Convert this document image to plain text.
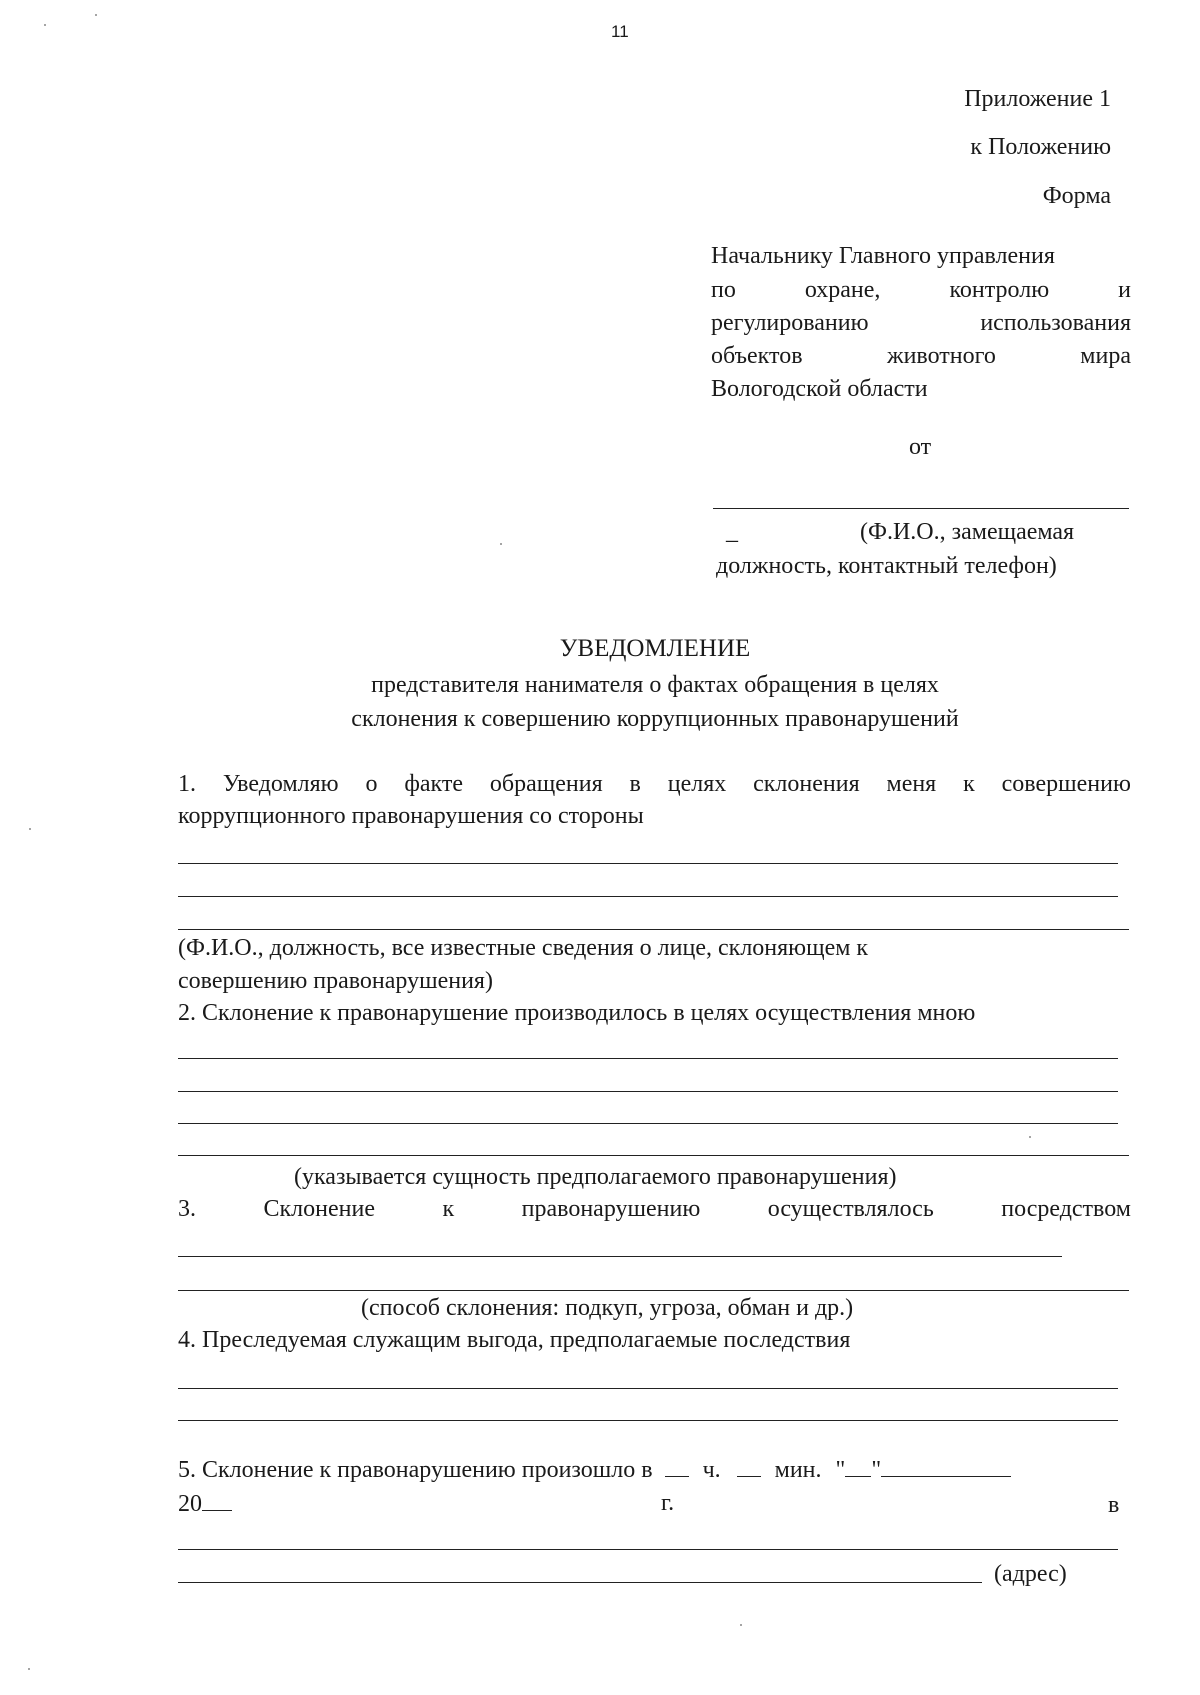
11
Приложение 1
к Положению
Форма
Начальнику Главного управления
по	охране,	контролю	и
регулированию	использования
объектов	животного	мира
Вологодской области
от
_	(Ф.И.О., замещаемая
должность, контактный телефон)
УВЕДОМЛЕНИЕ
представителя нанимателя о фактах обращения в целях
склонения к совершению коррупционных правонарушений
1. Уведомляю о факте обращения в целях склонения меня к совершению
коррупционного правонарушения со стороны
(Ф.И.О., должность, все известные сведения о лице, склоняющем к
совершению правонарушения)
2. Склонение к правонарушение производилось в целях осуществления мною
(указывается сущность предполагаемого правонарушения)
3.	Склонение	к	правонарушению	осуществлялось	посредством
(способ склонения: подкуп, угроза, обман и др.)
4. Преследуемая служащим выгода, предполагаемые последствия
5. Склонение к правонарушению произошло в ч. мин. " "
20	г.	в
(адрес)
